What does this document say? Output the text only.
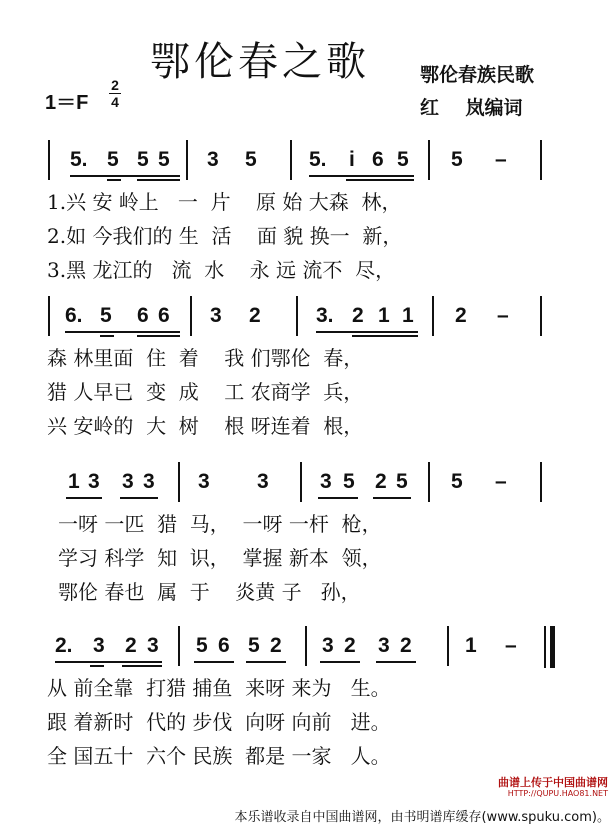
鄂伦春之歌	鄂伦春族民歌
红    岚编词
1＝F
2
4
5. 5 5 5 3 5 5. i 6 5 5 –
1.兴 安 岭上   一  片    原 始 大森  林，
2.如 今我们的 生  活    面 貌 换一  新，
3.黑 龙江的   流  水    永 远 流不  尽，
6. 5 6 6 3 2	3. 2 1 1 2 –
森 林里面  住  着    我 们鄂伦  春，
猎 人早已  变  成    工 农商学  兵，
兴 安岭的  大  树    根 呀连着  根，
1 3 3 3 3 3 3 5 2 5 5 –
一呀 一匹  猎  马，  一呀 一杆  枪，
学习 科学  知  识，  掌握 新本  领，
鄂伦 春也  属  于    炎黄 子   孙，
2. 3 2 3 5 6 5 2 3 2 3 2	1 –
从 前全靠  打猎 捕鱼  来呀 来为   生。
跟 着新时  代的 步伐  向呀 向前   进。
全 国五十  六个 民族  都是 一家   人。
曲谱上传于中国曲谱网
HTTP://QUPU.HAO81.NET
本乐谱收录自中国曲谱网，由书明谱库缓存(www.spuku.com)。
